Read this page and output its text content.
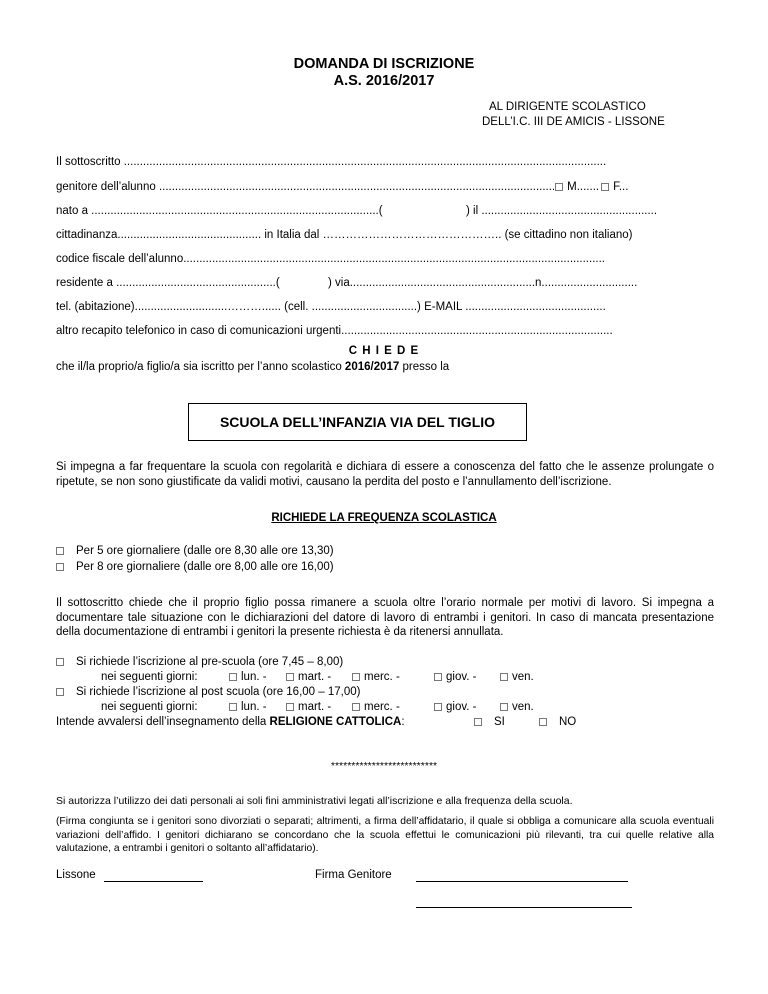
DOMANDA DI ISCRIZIONE
A.S. 2016/2017
AL DIRIGENTE SCOLASTICO
DELL’I.C. III DE AMICIS - LISSONE
Il sottoscritto .......................................................................................................................................................
genitore dell’alunno ............................................................................................................................ M....... F...
nato a ..........................................................................................(	) il .......................................................
cittadinanza............................................. in Italia dal ……………………………………….. (se cittadino non italiano)
codice fiscale dell’alunno....................................................................................................................................
residente a ..................................................(	) via..........................................................n..............................
tel. (abitazione).............................………...... (cell. .................................) E-MAIL ............................................
altro recapito telefonico in caso di comunicazioni urgenti.....................................................................................
C H I E D E
che il/la proprio/a figlio/a sia iscritto per l’anno scolastico 2016/2017 presso la
SCUOLA DELL’INFANZIA VIA DEL TIGLIO
Si impegna a far frequentare la scuola con regolarità e dichiara di essere a conoscenza del fatto che le assenze prolungate o ripetute, se non sono giustificate da validi motivi, causano la perdita del posto e l’annullamento dell’iscrizione.
RICHIEDE LA FREQUENZA SCOLASTICA
Per 5 ore giornaliere (dalle ore 8,30 alle ore 13,30)
Per 8 ore giornaliere (dalle ore 8,00 alle ore 16,00)
Il sottoscritto chiede che il proprio figlio possa rimanere a scuola oltre l’orario normale per motivi di lavoro. Si impegna a documentare tale situazione con le dichiarazioni del datore di lavoro di entrambi i genitori. In caso di mancata presentazione della documentazione di entrambi i genitori la presente richiesta è da ritenersi annullata.
Si richiede l’iscrizione al pre-scuola (ore 7,45 – 8,00)
nei seguenti giorni:	lun. -	mart. -	merc. -	giov. -	ven.
Si richiede l’iscrizione al post scuola (ore 16,00 – 17,00)
nei seguenti giorni:	lun. -	mart. -	merc. -	giov. -	ven.
Intende avvalersi dell’insegnamento della RELIGIONE CATTOLICA:	SI	NO
**************************
Si autorizza l’utilizzo dei dati personali ai soli fini amministrativi legati all’iscrizione e alla frequenza della scuola.
(Firma congiunta se i genitori sono divorziati o separati; altrimenti, a firma dell’affidatario, il quale si obbliga a comunicare alla scuola eventuali variazioni dell’affido. I genitori dichiarano se concordano che la scuola effettui le comunicazioni più rilevanti, tra cui quelle relative alla valutazione, a entrambi i genitori o soltanto all’affidatario).
Lissone	Firma Genitore
